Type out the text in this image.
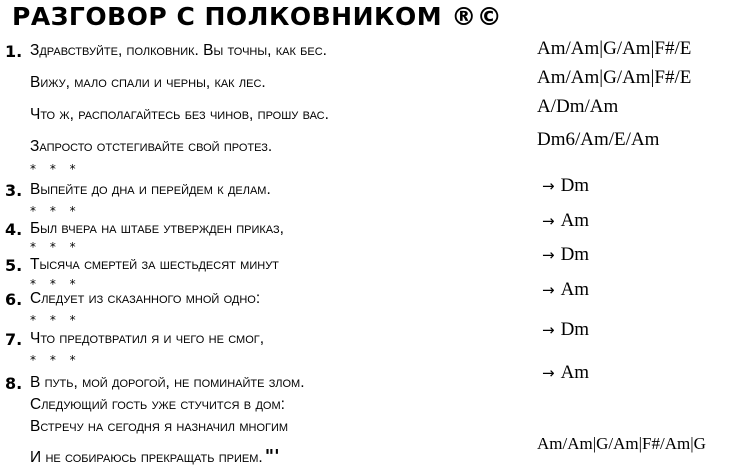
РАЗГОВОР С ПОЛКОВНИКОМ ®©
1. Здравствуйте, полковник. Вы точны, как бес.
Вижу, мало спали и черны, как лес.
Что ж, располагайтесь без чинов, прошу вас.
Запросто отстегивайте свой протез.
* * *
3. Выпейте до дна и перейдем к делам.
* * *
4. Был вчера на штабе утвержден приказ,
* * *
5. Тысяча смертей за шестьдесят минут
* * *
6. Следует из сказанного мной одно:
* * *
7. Что предотвратил я и чего не смог,
* * *
8. В путь, мой дорогой, не поминайте злом.
Следующий гость уже стучится в дом:
Встречу на сегодня я назначил многим
И не собираюсь прекращать прием. "'
Am/Am|G/Am|F#/E
Am/Am|G/Am|F#/E
A/Dm/Am
Dm6/Am/E/Am
→ Dm
→ Am
→ Dm
→ Am
→ Dm
→ Am
Am/Am|G/Am|F#/Am|G
